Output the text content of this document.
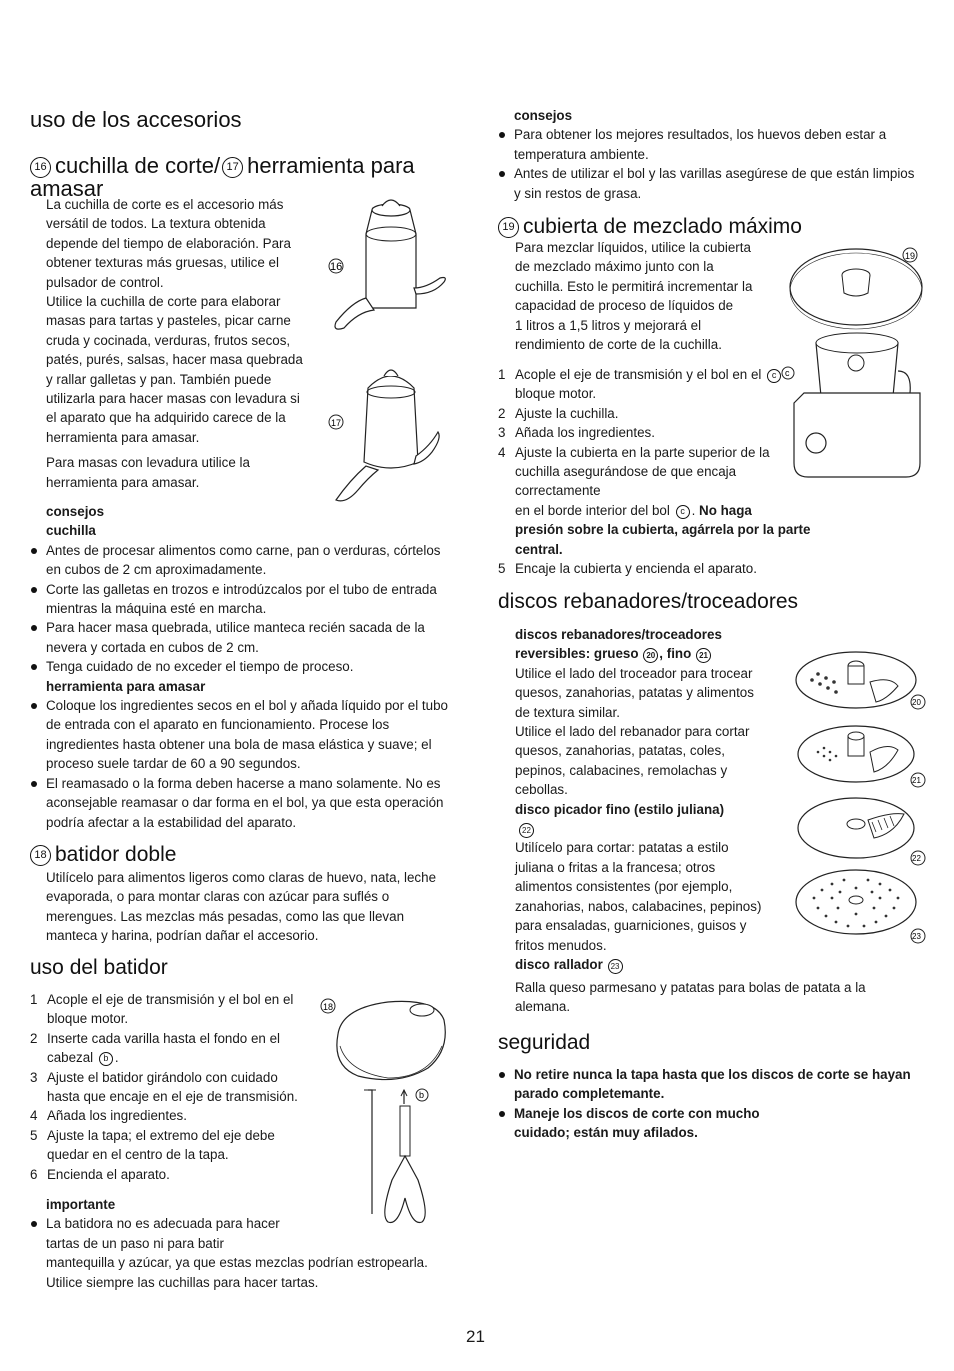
uso de los accesorios
16 cuchilla de corte/ 17 herramienta para amasar
La cuchilla de corte es el accesorio más
versátil de todos. La textura obtenida
depende del tiempo de elaboración. Para
obtener texturas más gruesas, utilice el
pulsador de control.
Utilice la cuchilla de corte para elaborar
masas para tartas y pasteles, picar carne
cruda y cocinada, verduras, frutos secos,
patés, purés, salsas, hacer masa quebrada
y rallar galletas y pan. También puede
utilizarla para hacer masas con levadura si
el aparato que ha adquirido carece de la
herramienta para amasar.
Para masas con levadura utilice la
herramienta para amasar.
16
17
consejos
cuchilla
Antes de procesar alimentos como carne, pan o verduras, córtelos en cubos de 2 cm aproximadamente.
Corte las galletas en trozos e introdúzcalos por el tubo de entrada mientras la máquina esté en marcha.
Para hacer masa quebrada, utilice manteca recién sacada de la nevera y cortada en cubos de 2 cm.
Tenga cuidado de no exceder el tiempo de proceso.
herramienta para amasar
Coloque los ingredientes secos en el bol y añada líquido por el tubo de entrada con el aparato en funcionamiento. Procese los ingredientes hasta obtener una bola de masa elástica y suave; el proceso suele tardar de 60 a 90 segundos.
El reamasado o la forma deben hacerse a mano solamente. No es aconsejable reamasar o dar forma en el bol, ya que esta operación podría afectar a la estabilidad del aparato.
18 batidor doble
Utilícelo para alimentos ligeros como claras de huevo, nata, leche evaporada, o para montar claras con azúcar para suflés o merengues. Las mezclas más pesadas, como las que llevan manteca y harina, podrían dañar el accesorio.
uso del batidor
1 Acople el eje de transmisión y el bol en el
bloque motor.
2 Inserte cada varilla hasta el fondo en el
cabezal b .
3 Ajuste el batidor girándolo con cuidado
hasta que encaje en el eje de transmisión.
4 Añada los ingredientes.
5 Ajuste la tapa; el extremo del eje debe
quedar en el centro de la tapa.
6 Encienda el aparato.
18
b
importante
La batidora no es adecuada para hacer
tartas de un paso ni para batir
mantequilla y azúcar, ya que estas mezclas podrían estropearla.
Utilice siempre las cuchillas para hacer tartas.
consejos
Para obtener los mejores resultados, los huevos deben estar a temperatura ambiente.
Antes de utilizar el bol y las varillas asegúrese de que están limpios y sin restos de grasa.
19 cubierta de mezclado máximo
Para mezclar líquidos, utilice la cubierta
de mezclado máximo junto con la
cuchilla. Esto le permitirá incrementar la
capacidad de proceso de líquidos de
1 litros a 1,5 litros y mejorará el
rendimiento de corte de la cuchilla.
19
c
1 Acople el eje de transmisión y el bol en el c
bloque motor.
2 Ajuste la cuchilla.
3 Añada los ingredientes.
4 Ajuste la cubierta en la parte superior de la
cuchilla asegurándose de que encaja
correctamente
en el borde interior del bol c . No haga
presión sobre la cubierta, agárrela por la parte
central.
5 Encaje la cubierta y encienda el aparato.
discos rebanadores/troceadores
discos rebanadores/troceadores
reversibles: grueso 20 , fino 21
Utilice el lado del troceador para trocear
quesos, zanahorias, patatas y alimentos
de textura similar.
Utilice el lado del rebanador para cortar
quesos, zanahorias, patatas, coles,
pepinos, calabacines, remolachas y
cebollas.
disco picador fino (estilo juliana)
22
Utilícelo para cortar: patatas a estilo
juliana o fritas a la francesa; otros
alimentos consistentes (por ejemplo,
zanahorias, nabos, calabacines, pepinos)
para ensaladas, guarniciones, guisos y
fritos menudos.
disco rallador 23
Ralla queso parmesano y patatas para bolas de patata a la alemana.
20
21
22
23
seguridad
No retire nunca la tapa hasta que los discos de corte se hayan parado completemante.
Maneje los discos de corte con mucho cuidado; están muy afilados.
21
